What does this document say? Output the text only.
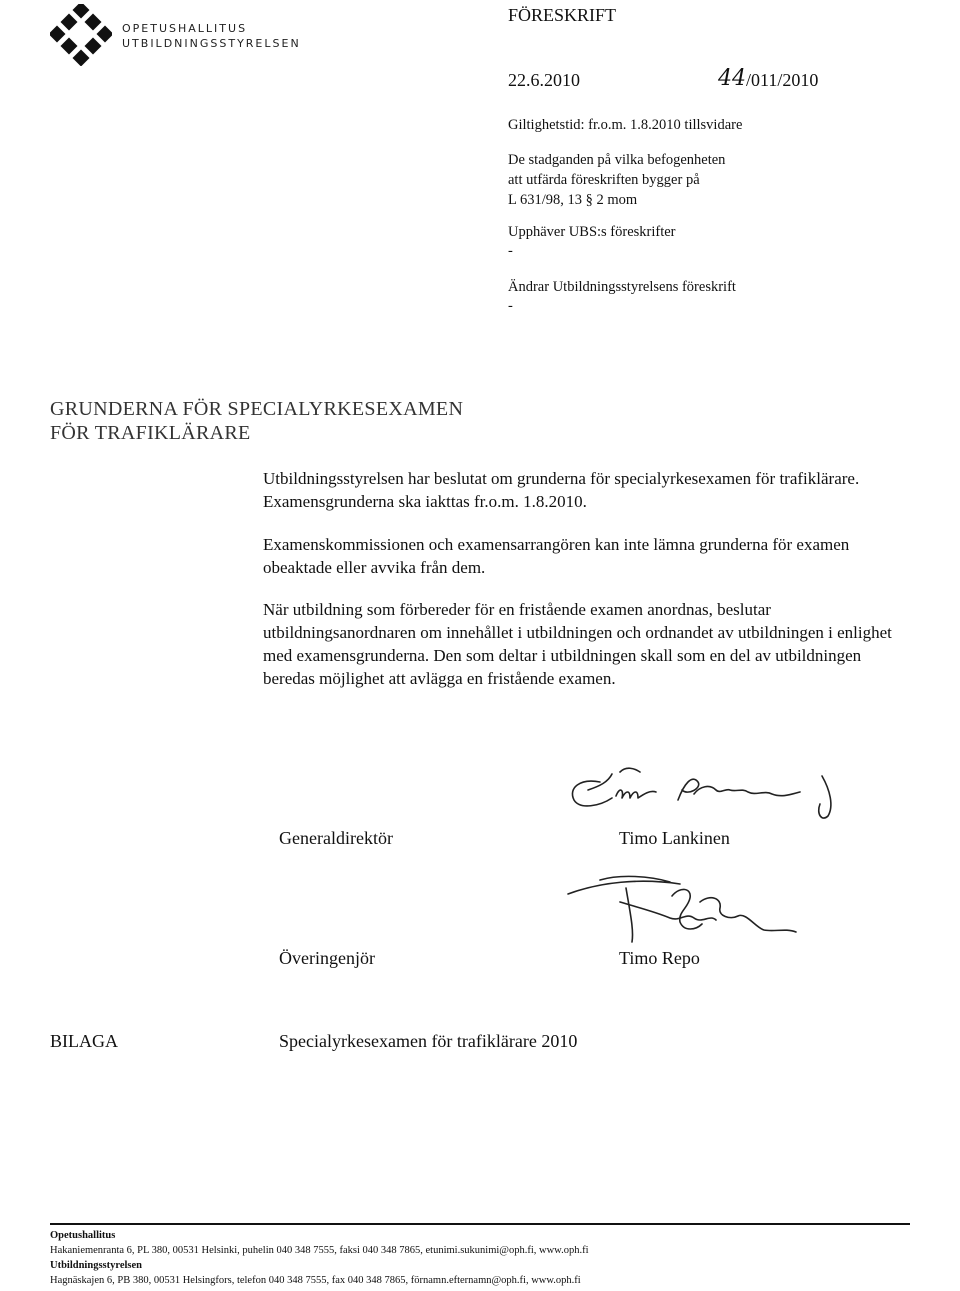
OPETUSHALLITUS
UTBILDNINGSSTYRELSEN
FÖRESKRIFT
22.6.2010	44 /011/2010
Giltighetstid: fr.o.m. 1.8.2010 tillsvidare
De stadganden på vilka befogenheten
att utfärda föreskriften bygger på
L 631/98, 13 § 2 mom
Upphäver UBS:s föreskrifter
-
Ändrar Utbildningsstyrelsens föreskrift
-
GRUNDERNA FÖR SPECIALYRKESEXAMEN
FÖR TRAFIKLÄRARE
Utbildningsstyrelsen har beslutat om grunderna för specialyrkesexamen för trafiklärare. Examensgrunderna ska iakttas fr.o.m. 1.8.2010.
Examenskommissionen och examensarrangören kan inte lämna grunderna för examen obeaktade eller avvika från dem.
När utbildning som förbereder för en fristående examen anordnas, beslutar utbildningsanordnaren om innehållet i utbildningen och ordnandet av utbildningen i enlighet med examensgrunderna. Den som deltar i utbildningen skall som en del av utbildningen beredas möjlighet att avlägga en fristående examen.
Generaldirektör	Timo Lankinen
Överingenjör	Timo Repo
BILAGA	Specialyrkesexamen för trafiklärare 2010
Opetushallitus
Hakaniemenranta 6, PL 380, 00531 Helsinki, puhelin 040 348 7555, faksi 040 348 7865, etunimi.sukunimi@oph.fi, www.oph.fi
Utbildningsstyrelsen
Hagnäskajen 6, PB 380, 00531 Helsingfors, telefon 040 348 7555, fax 040 348 7865, förnamn.efternamn@oph.fi, www.oph.fi
